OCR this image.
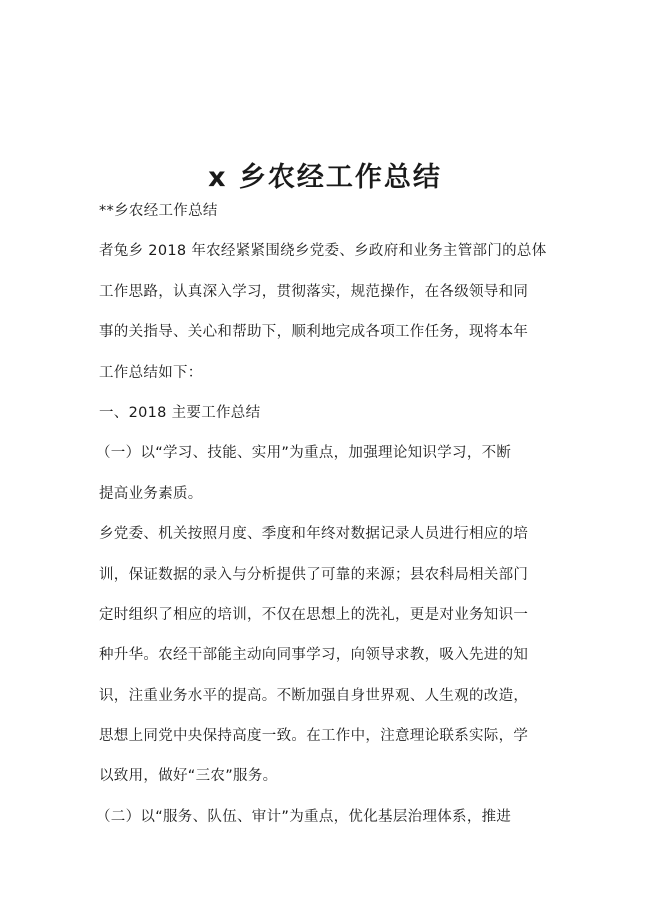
x 乡农经工作总结
**乡农经工作总结
者兔乡 2018 年农经紧紧围绕乡党委、乡政府和业务主管部门的总体
工作思路，认真深入学习，贯彻落实，规范操作，在各级领导和同
事的关指导、关心和帮助下，顺利地完成各项工作任务，现将本年
工作总结如下：
一、2018 主要工作总结
（一）以“学习、技能、实用”为重点，加强理论知识学习，不断
提高业务素质。
乡党委、机关按照月度、季度和年终对数据记录人员进行相应的培
训，保证数据的录入与分析提供了可靠的来源；县农科局相关部门
定时组织了相应的培训，不仅在思想上的洗礼，更是对业务知识一
种升华。农经干部能主动向同事学习，向领导求教，吸入先进的知
识，注重业务水平的提高。不断加强自身世界观、人生观的改造，
思想上同党中央保持高度一致。在工作中，注意理论联系实际，学
以致用，做好“三农”服务。
（二）以“服务、队伍、审计”为重点，优化基层治理体系，推进
